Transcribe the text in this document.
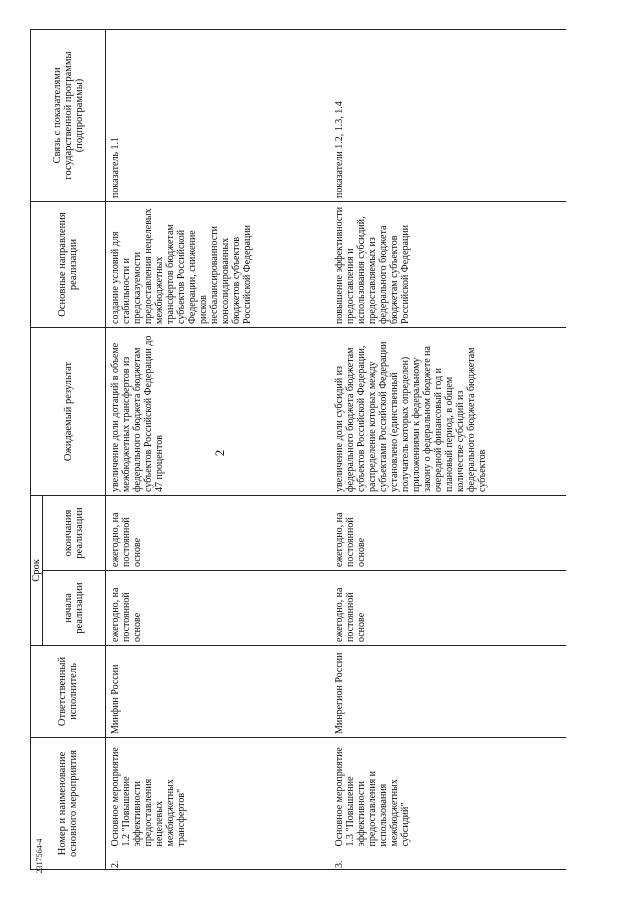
2
2317564-4
Номер и наименование основного мероприятия		Ответственный исполнитель	Срок		Ожидаемый результат	Основные направления реализации	Связь с показателями государственной программы (подпрограммы)
			начала реализации	окончания реализации			
2.	Основное мероприятие 1.2 "Повышение эффективности предоставления нецелевых межбюджетных трансфертов"	Минфин России	ежегодно, на постоянной основе	ежегодно, на постоянной основе	увеличение доли дотаций в объеме межбюджетных трансфертов из федерального бюджета бюджетам субъектов Российской Федерации до 47 процентов	создание условий для стабильности и предсказуемости предоставления нецелевых межбюджетных трансфертов бюджетам субъектов Российской Федерации, снижение рисков несбалансированности консолидированных бюджетов субъектов Российской Федерации	показатель 1.1
3.	Основное мероприятие 1.3 "Повышение эффективности предоставления и использования межбюджетных субсидий"	Минрегион России	ежегодно, на постоянной основе	ежегодно, на постоянной основе	увеличение доли субсидий из федерального бюджета бюджетам субъектов Российской Федерации, распределение которых между субъектами Российской Федерации установлено (единственный получатель которых определен) приложениями к федеральному закону о федеральном бюджете на очередной финансовый год и плановый период, в общем количестве субсидий из федерального бюджета бюджетам субъектов	повышение эффективности предоставления и использования субсидий, предоставляемых из федерального бюджета бюджетам субъектов Российской Федерации	показатели 1.2, 1.3, 1.4
